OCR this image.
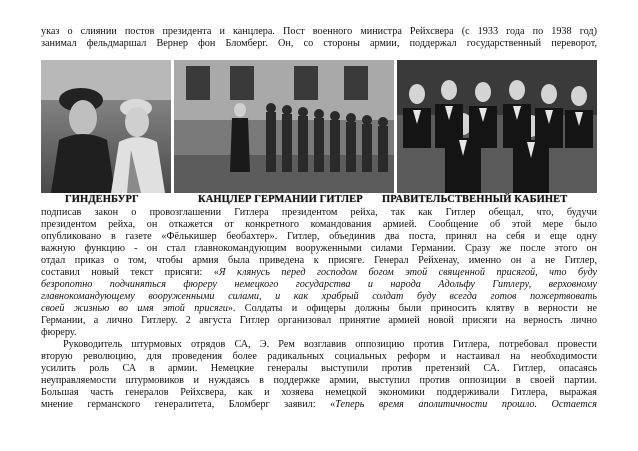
указ о слиянии постов президента и канцлера. Пост военного министра Рейхсвера (с 1933 года по 1938 год)
занимал фельдмаршал Вернер фон Бломберг. Он, со стороны армии, поддержал государственный переворот,
ГИНДЕНБУРГ	КАНЦЛЕР ГЕРМАНИИ ГИТЛЕР ПРАВИТЕЛЬСТВЕННЫЙ КАБИНЕТ
подписав закон о провозглашении Гитлера президентом рейха, так как Гитлер обещал, что, будучи
президентом рейха, он откажется от конкретного командования армией. Сообщение об этой мере было
опубликовано в газете «Фёлькишер беобахтер». Гитлер, объединив два поста, принял на себя и еще одну
важную функцию - он стал главнокомандующим вооруженными силами Германии. Сразу же после этого он
отдал приказ о том, чтобы армия была приведена к присяге. Генерал Рейхенау, именно он а не Гитлер,
составил новый текст присяги: «Я клянусь перед господом богом этой священной присягой, что буду
безропотно подчиняться фюреру немецкого государства и народа Адольфу Гитлеру, верховному
главнокомандующему вооруженными силами, и как храбрый солдат буду всегда готов пожертвовать
своей жизнью во имя этой присяги». Солдаты и офицеры должны были приносить клятву в верности не
Германии, а лично Гитлеру. 2 августа Гитлер организовал принятие армией новой присяги на верность лично
фюреру.
Руководитель штурмовых отрядов СА, Э. Рем возглавив оппозицию против Гитлера, потребовал провести
вторую революцию, для проведения более радикальных социальных реформ и настаивал на необходимости
усилить роль СА в армии. Немецкие генералы выступили против претензий СА. Гитлер, опасаясь
неуправляемости штурмовиков и нуждаясь в поддержке армии, выступил против оппозиции в своей партии.
Большая часть генералов Рейхсвера, как и хозяева немецкой экономики поддерживали Гитлера, выражая
мнение германского генералитета, Бломберг заявил: «Теперь время аполитичности прошло. Остается
